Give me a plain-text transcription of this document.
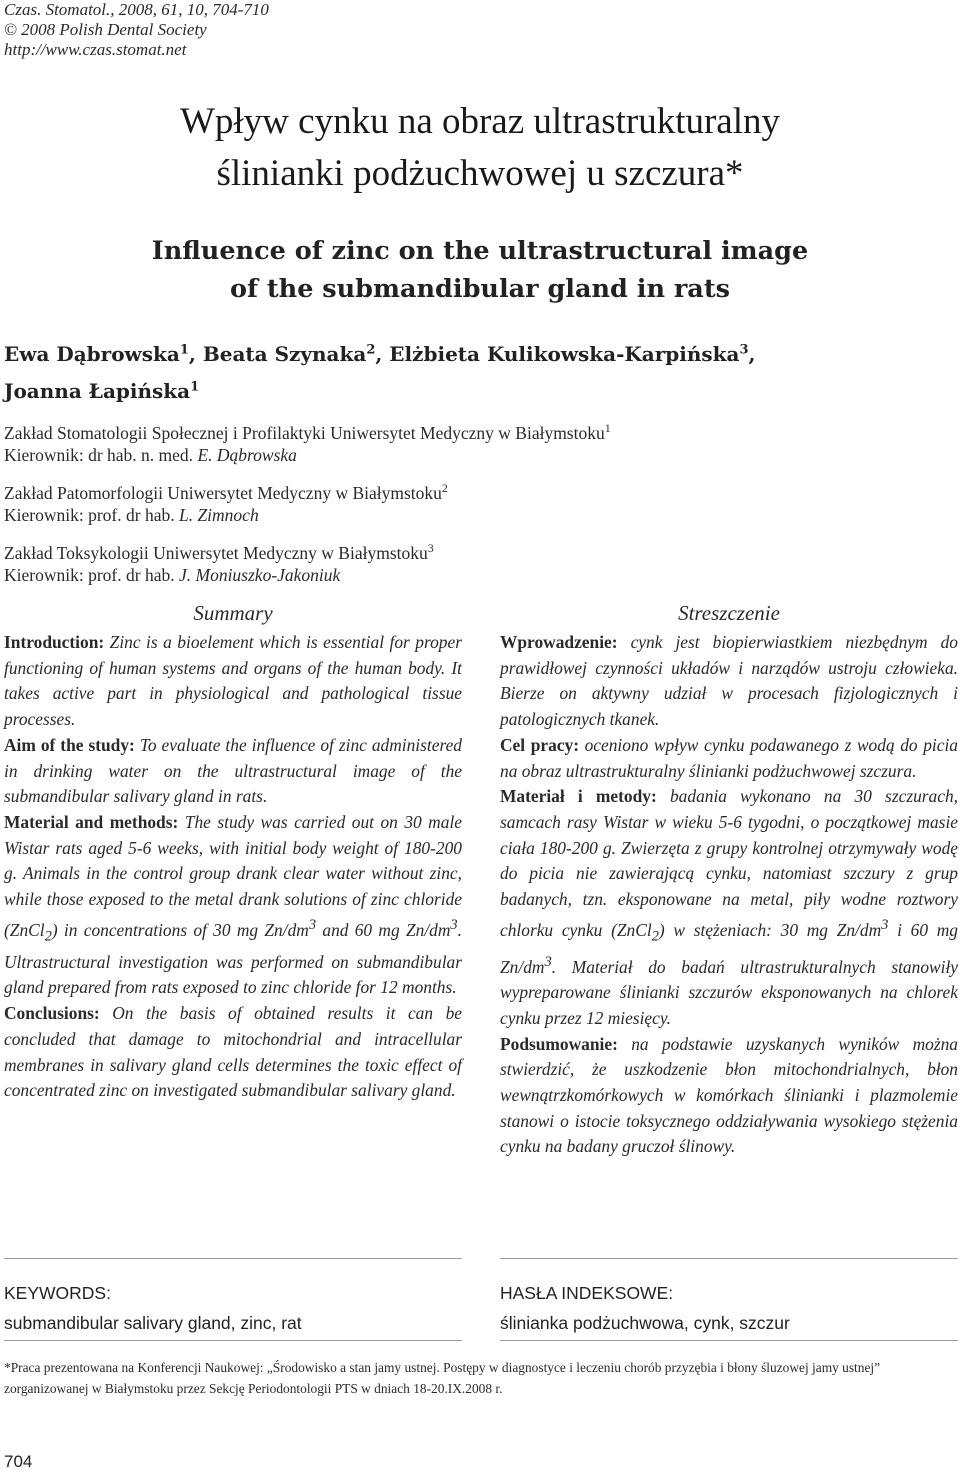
Czas. Stomatol., 2008, 61, 10, 704-710
© 2008 Polish Dental Society
http://www.czas.stomat.net
Wpływ cynku na obraz ultrastrukturalny
ślinianki podżuchwowej u szczura*
Influence of zinc on the ultrastructural image
of the submandibular gland in rats
Ewa Dąbrowska$^1$, Beata Szynaka$^2$, Elżbieta Kulikowska-Karpińska$^3$,
Joanna Łapińska$^1$
Zakład Stomatologii Społecznej i Profilaktyki Uniwersytet Medyczny w Białymstoku$^1$
Kierownik: dr hab. n. med. E. Dąbrowska
Zakład Patomorfologii Uniwersytet Medyczny w Białymstoku$^2$
Kierownik: prof. dr hab. L. Zimnoch
Zakład Toksykologii Uniwersytet Medyczny w Białymstoku$^3$
Kierownik: prof. dr hab. J. Moniuszko-Jakoniuk
Summary

Introduction: Zinc is a bioelement which is essential for proper functioning of human systems and organs of the human body. It takes active part in physiological and pathological tissue processes.

Aim of the study: To evaluate the influence of zinc administered in drinking water on the ultrastructural image of the submandibular salivary gland in rats.

Material and methods: The study was carried out on 30 male Wistar rats aged 5-6 weeks, with initial body weight of 180-200 g. Animals in the control group drank clear water without zinc, while those exposed to the metal drank solutions of zinc chloride (ZnCl$_2$) in concentrations of 30 mg $Zn/dm^3$ and 60 mg $Zn/dm^3$. Ultrastructural investigation was performed on submandibular gland prepared from rats exposed to zinc chloride for 12 months.

Conclusions: On the basis of obtained results it can be concluded that damage to mitochondrial and intracellular membranes in salivary gland cells determines the toxic effect of concentrated zinc on investigated submandibular salivary gland.

Streszczenie

Wprowadzenie: cynk jest biopierwiastkiem niezbędnym do prawidłowej czynności układów i narządów ustroju człowieka. Bierze on aktywny udział w procesach fizjologicznych i patologicznych tkanek.

Cel pracy: oceniono wpływ cynku podawanego z wodą do picia na obraz ultrastrukturalny ślinianki podżuchwowej szczura.

Materiał i metody: badania wykonano na 30 szczurach, samcach rasy Wistar w wieku 5-6 tygodni, o początkowej masie ciała 180-200 g. Zwierzęta z grupy kontrolnej otrzymywały wodę do picia nie zawierającą cynku, natomiast szczury z grup badanych, tzn. eksponowane na metal, piły wodne roztwory chlorku cynku (ZnCl$_2$) w stężeniach: 30 mg $Zn/dm^3$ i 60 mg $Zn/dm^3$. Materiał do badań ultrastrukturalnych stanowiły wypreparowane ślinianki szczurów eksponowanych na chlorek cynku przez 12 miesięcy.

Podsumowanie: na podstawie uzyskanych wyników można stwierdzić, że uszkodzenie błon mitochondrialnych, błon wewnątrzkomórkowych w komórkach ślinianki i plazmolemie stanowi o istocie toksycznego oddziaływania wysokiego stężenia cynku na badany gruczoł ślinowy.

KEYWORDS:
submandibular salivary gland, zinc, rat
HASŁA INDEKSOWE:
ślinianka podżuchwowa, cynk, szczur
*Praca prezentowana na Konferencji Naukowej: „Środowisko a stan jamy ustnej. Postępy w diagnostyce i leczeniu chorób przyzębia i błony śluzowej jamy ustnej” zorganizowanej w Białymstoku przez Sekcję Periodontologii PTS w dniach 18-20.IX.2008 r.
704
